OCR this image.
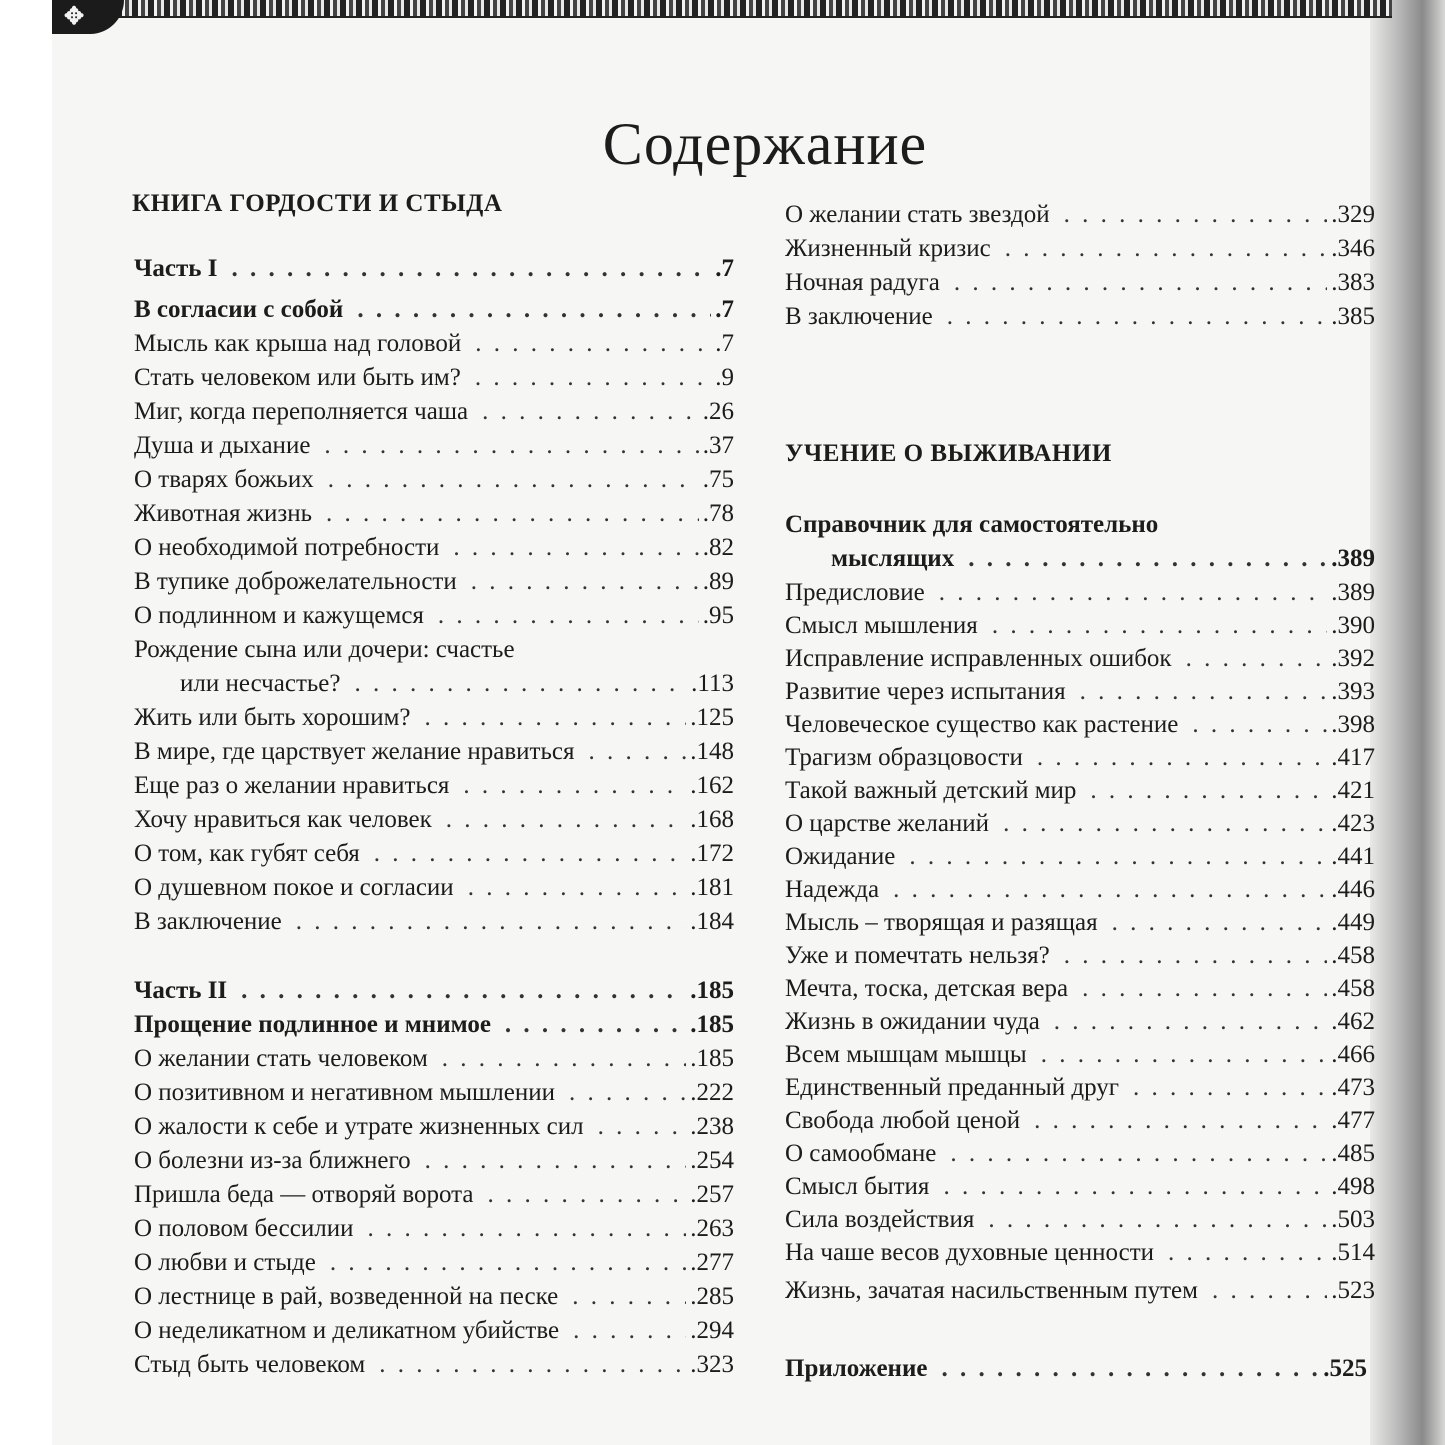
✥
Содержание
КНИГА ГОРДОСТИ И СТЫДА
Часть I . . .	.7
В согласии с собой . . .	.7
Мысль как крыша над головой . . .	.7
Стать человеком или быть им? . . .	.9
Миг, когда переполняется чаша . . .	.26
Душа и дыхание . . .	.37
О тварях божьих . . .	.75
Животная жизнь . . .	.78
О необходимой потребности . . .	.82
В тупике доброжелательности . . .	.89
О подлинном и кажущемся . . .	.95
Рождение сына или дочери: счастье
или несчастье? . . .	.113
Жить или быть хорошим? . . .	.125
В мире, где царствует желание нравиться . . .	.148
Еще раз о желании нравиться . . .	.162
Хочу нравиться как человек . . .	.168
О том, как губят себя . . .	.172
О душевном покое и согласии . . .	.181
В заключение . . .	.184
Часть II . . .	.185
Прощение подлинное и мнимое . . .	.185
О желании стать человеком . . .	.185
О позитивном и негативном мышлении . . .	.222
О жалости к себе и утрате жизненных сил . . .	.238
О болезни из-за ближнего . . .	.254
Пришла беда — отворяй ворота . . .	.257
О половом бессилии . . .	.263
О любви и стыде . . .	.277
О лестнице в рай, возведенной на песке . . .	.285
О неделикатном и деликатном убийстве . . .	.294
Стыд быть человеком . . .	.323
УЧЕНИЕ О ВЫЖИВАНИИ
О желании стать звездой . . .	.329
Жизненный кризис . . .	.346
Ночная радуга . . .	.383
В заключение . . .	.385
Справочник для самостоятельно
мыслящих . . .	.389
Предисловие . . .	.389
Смысл мышления . . .	.390
Исправление исправленных ошибок . . .	.392
Развитие через испытания . . .	.393
Человеческое существо как растение . . .	.398
Трагизм образцовости . . .	.417
Такой важный детский мир . . .	.421
О царстве желаний . . .	.423
Ожидание . . .	.441
Надежда . . .	.446
Мысль – творящая и разящая . . .	.449
Уже и помечтать нельзя? . . .	.458
Мечта, тоска, детская вера . . .	.458
Жизнь в ожидании чуда . . .	.462
Всем мышцам мышцы . . .	.466
Единственный преданный друг . . .	.473
Свобода любой ценой . . .	.477
О самообмане . . .	.485
Смысл бытия . . .	.498
Сила воздействия . . .	.503
На чаше весов духовные ценности . . .	.514
Жизнь, зачатая насильственным путем . . .	.523
Приложение . . .	.525
